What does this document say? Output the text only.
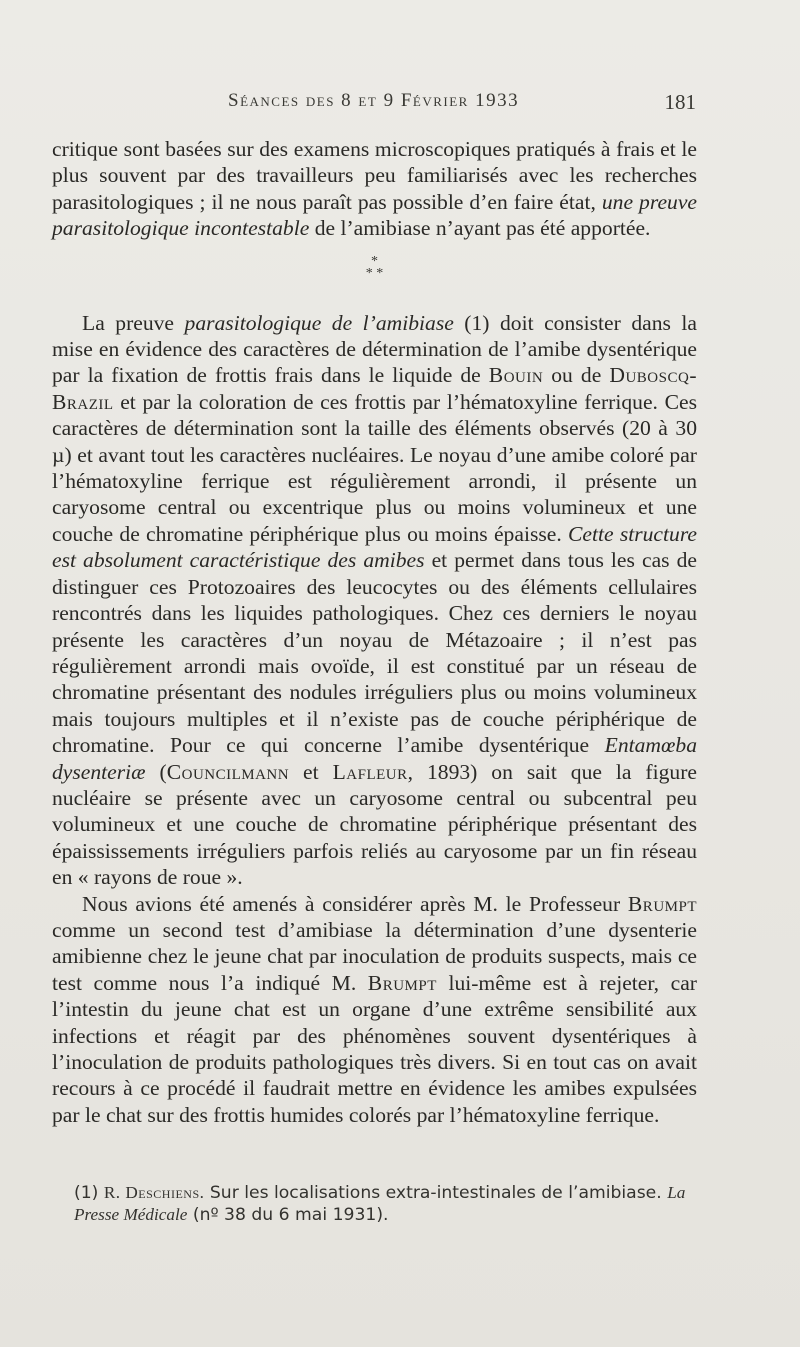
Séances des 8 et 9 Février 1933	181

critique sont basées sur des examens microscopiques pratiqués à frais et le plus souvent par des travailleurs peu familiarisés avec les recherches parasitologiques ; il ne nous paraît pas possible d’en faire état, une preuve parasitologique incontestable de l’amibiase n’ayant pas été apportée.

*
* *

La preuve parasitologique de l’amibiase (1) doit consister dans la mise en évidence des caractères de détermination de l’amibe dysentérique par la fixation de frottis frais dans le liquide de Bouin ou de Duboscq-Brazil et par la coloration de ces frottis par l’hématoxyline ferrique. Ces caractères de détermination sont la taille des éléments observés (20 à 30 µ) et avant tout les caractères nucléaires. Le noyau d’une amibe coloré par l’hématoxyline ferrique est régulièrement arrondi, il présente un caryosome central ou excentrique plus ou moins volumineux et une couche de chromatine périphérique plus ou moins épaisse. Cette structure est absolument caractéristique des amibes et permet dans tous les cas de distinguer ces Protozoaires des leucocytes ou des éléments cellulaires rencontrés dans les liquides pathologiques. Chez ces derniers le noyau présente les caractères d’un noyau de Métazoaire ; il n’est pas régulièrement arrondi mais ovoïde, il est constitué par un réseau de chromatine présentant des nodules irréguliers plus ou moins volumineux mais toujours multiples et il n’existe pas de couche périphérique de chromatine. Pour ce qui concerne l’amibe dysentérique Entamœba dysenteriæ (Councilmann et Lafleur, 1893) on sait que la figure nucléaire se présente avec un caryosome central ou subcentral peu volumineux et une couche de chromatine périphérique présentant des épaississements irréguliers parfois reliés au caryosome par un fin réseau en « rayons de roue ».

Nous avions été amenés à considérer après M. le Professeur Brumpt comme un second test d’amibiase la détermination d’une dysenterie amibienne chez le jeune chat par inoculation de produits suspects, mais ce test comme nous l’a indiqué M. Brumpt lui-même est à rejeter, car l’intestin du jeune chat est un organe d’une extrême sensibilité aux infections et réagit par des phénomènes souvent dysentériques à l’inoculation de produits pathologiques très divers. Si en tout cas on avait recours à ce procédé il faudrait mettre en évidence les amibes expulsées par le chat sur des frottis humides colorés par l’hématoxyline ferrique.

(1) R. Deschiens. Sur les localisations extra-intestinales de l’amibiase. La Presse Médicale (nº 38 du 6 mai 1931).
